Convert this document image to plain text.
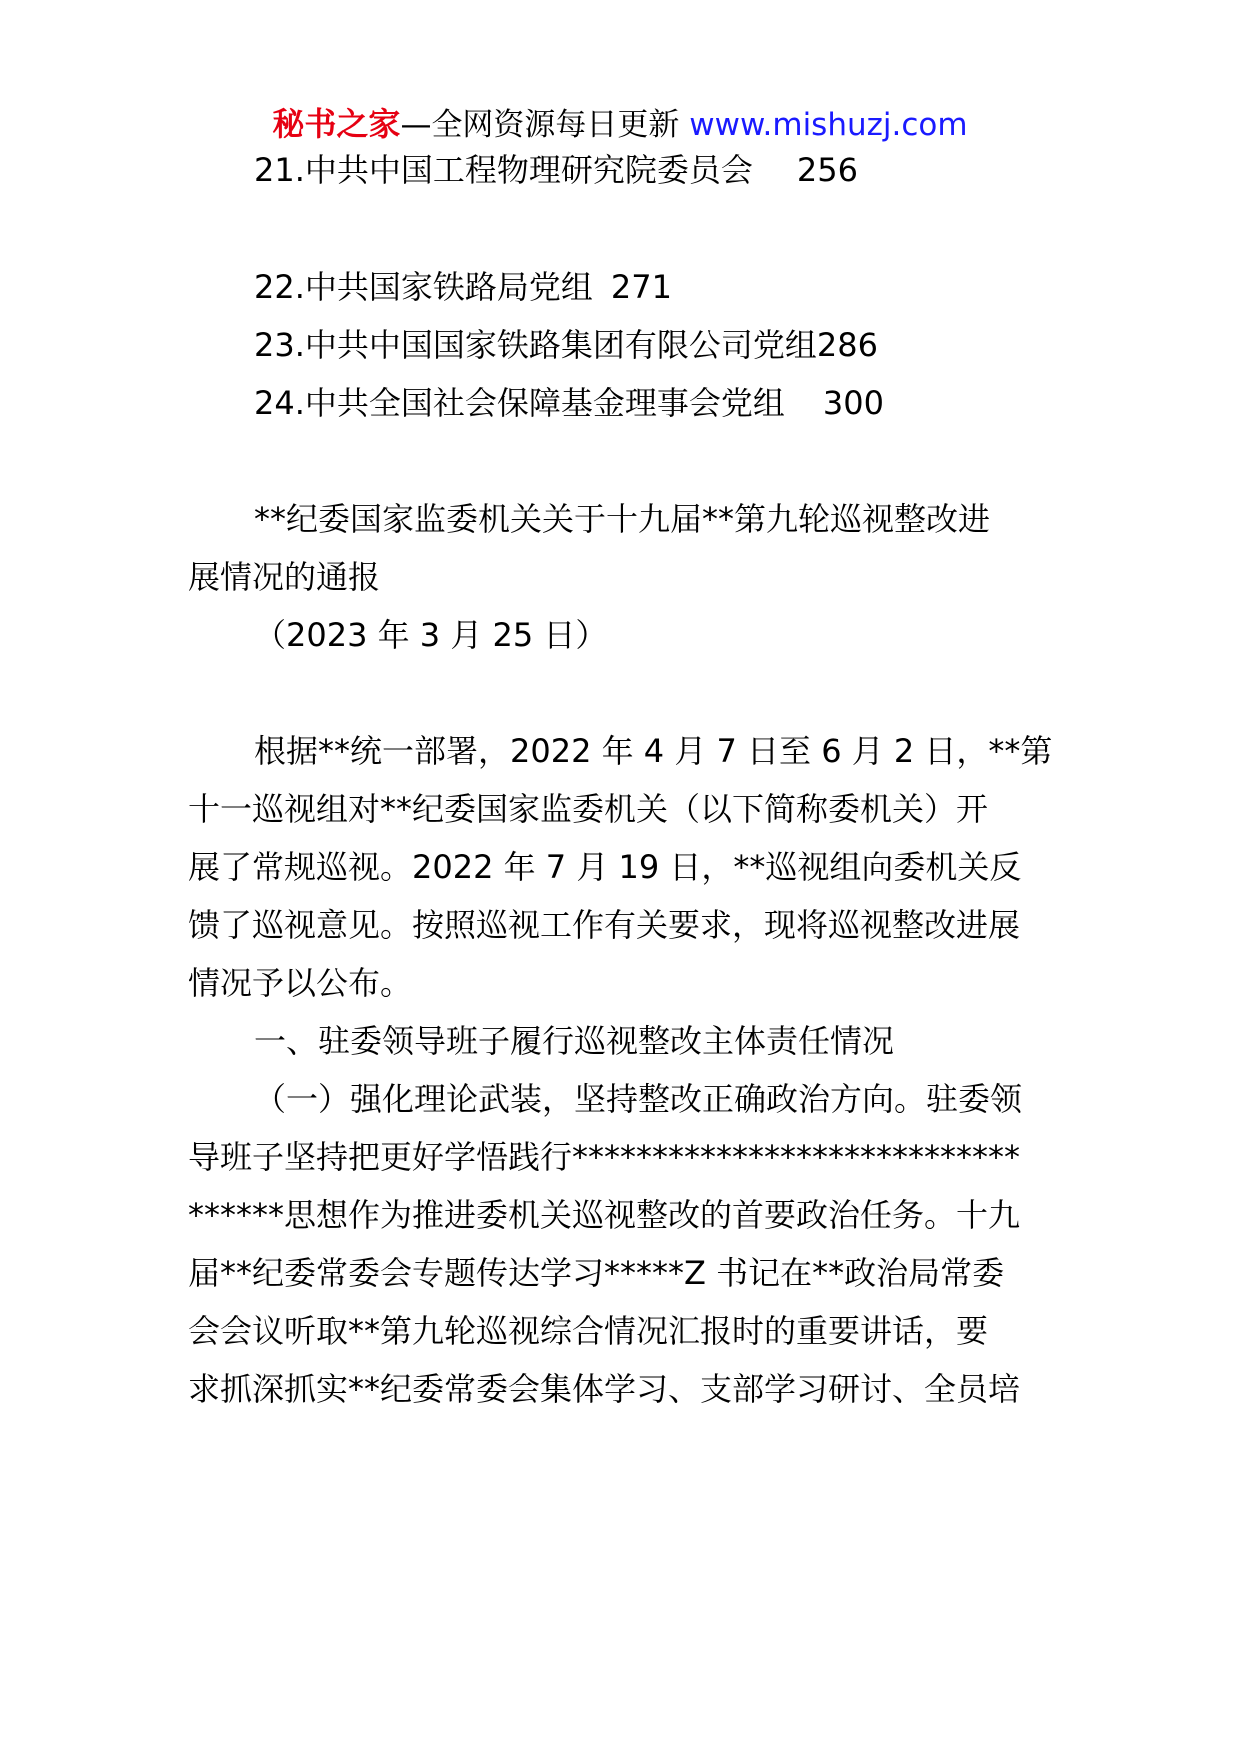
秘书之家—全网资源每日更新 www.mishuzj.com
21.中共中国工程物理研究院委员会 256
22.中共国家铁路局党组 271
23.中共中国国家铁路集团有限公司党组286
24.中共全国社会保障基金理事会党组 300
**纪委国家监委机关关于十九届**第九轮巡视整改进
展情况的通报
（2023 年 3 月 25 日）
根据**统一部署，2022 年 4 月 7 日至 6 月 2 日，**第
十一巡视组对**纪委国家监委机关（以下简称委机关）开
展了常规巡视。2022 年 7 月 19 日，**巡视组向委机关反
馈了巡视意见。按照巡视工作有关要求，现将巡视整改进展
情况予以公布。
一、驻委领导班子履行巡视整改主体责任情况
（一）强化理论武装，坚持整改正确政治方向。驻委领
导班子坚持把更好学悟践行****************************
******思想作为推进委机关巡视整改的首要政治任务。十九
届**纪委常委会专题传达学习*****Z 书记在**政治局常委
会会议听取**第九轮巡视综合情况汇报时的重要讲话，要
求抓深抓实**纪委常委会集体学习、支部学习研讨、全员培
